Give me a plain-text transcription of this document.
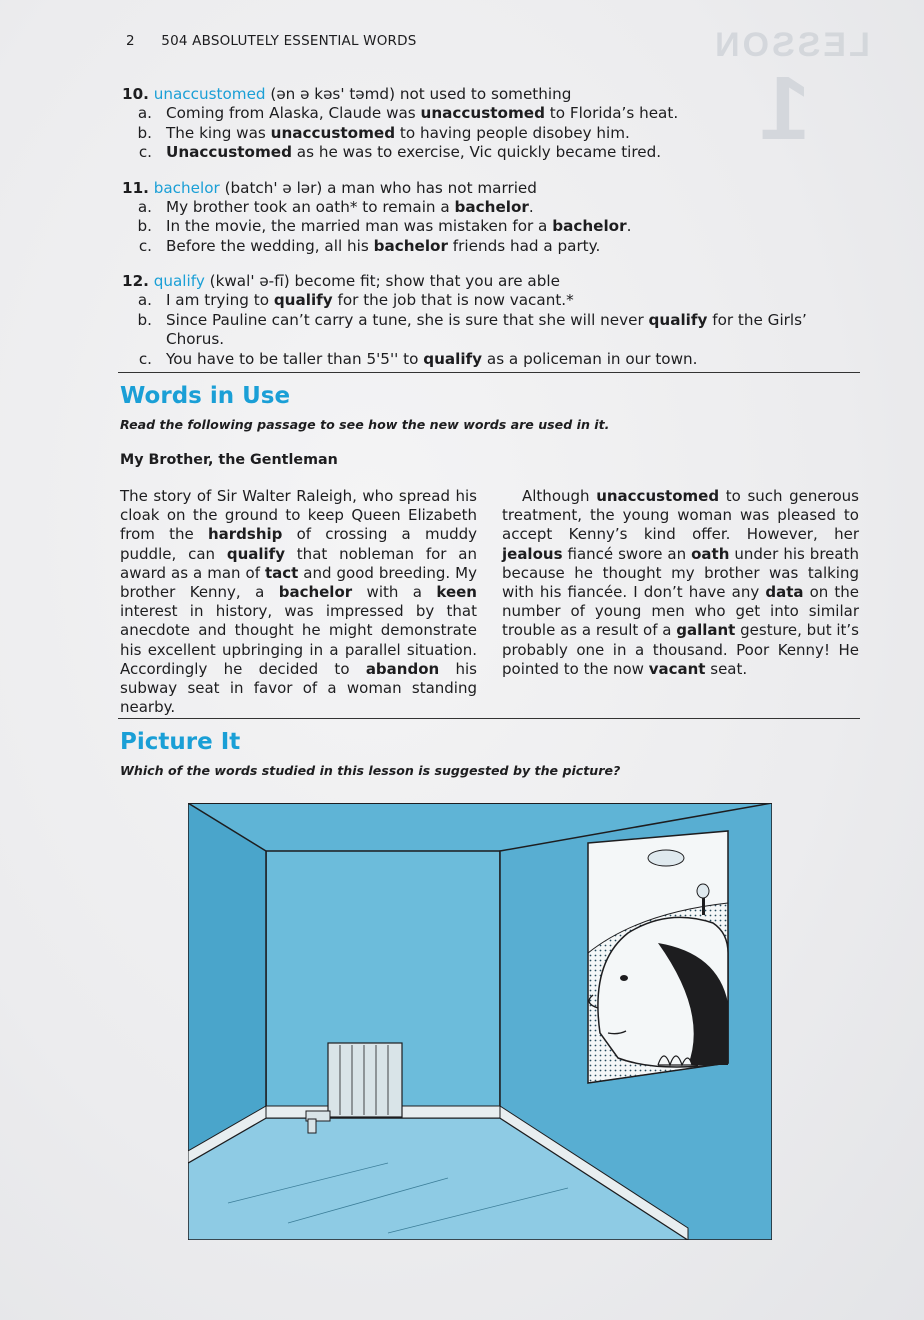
LESSON
1
2 504 ABSOLUTELY ESSENTIAL WORDS
10. unaccustomed (ən ə kəs' təmd) not used to something
a. Coming from Alaska, Claude was unaccustomed to Florida’s heat.
b. The king was unaccustomed to having people disobey him.
c. Unaccustomed as he was to exercise, Vic quickly became tired.
11. bachelor (batch' ə lər) a man who has not married
a. My brother took an oath* to remain a bachelor.
b. In the movie, the married man was mistaken for a bachelor.
c. Before the wedding, all his bachelor friends had a party.
12. qualify (kwal' ə-fī) become fit; show that you are able
a. I am trying to qualify for the job that is now vacant.*
b. Since Pauline can’t carry a tune, she is sure that she will never qualify for the Girls’ Chorus.
c. You have to be taller than 5'5'' to qualify as a policeman in our town.
Words in Use
Read the following passage to see how the new words are used in it.
My Brother, the Gentleman

The story of Sir Walter Raleigh, who spread his cloak on the ground to keep Queen Elizabeth from the hardship of crossing a muddy puddle, can qualify that nobleman for an award as a man of tact and good breeding. My brother Kenny, a bachelor with a keen interest in history, was impressed by that anecdote and thought he might demonstrate his excellent upbringing in a parallel situation. Accordingly he decided to abandon his subway seat in favor of a woman standing nearby.

Although unaccustomed to such generous treatment, the young woman was pleased to accept Kenny’s kind offer. However, her jealous fiancé swore an oath under his breath because he thought my brother was talking with his fiancée. I don’t have any data on the number of young men who get into similar trouble as a result of a gallant gesture, but it’s probably one in a thousand. Poor Kenny! He pointed to the now vacant seat.

Picture It
Which of the words studied in this lesson is suggested by the picture?
